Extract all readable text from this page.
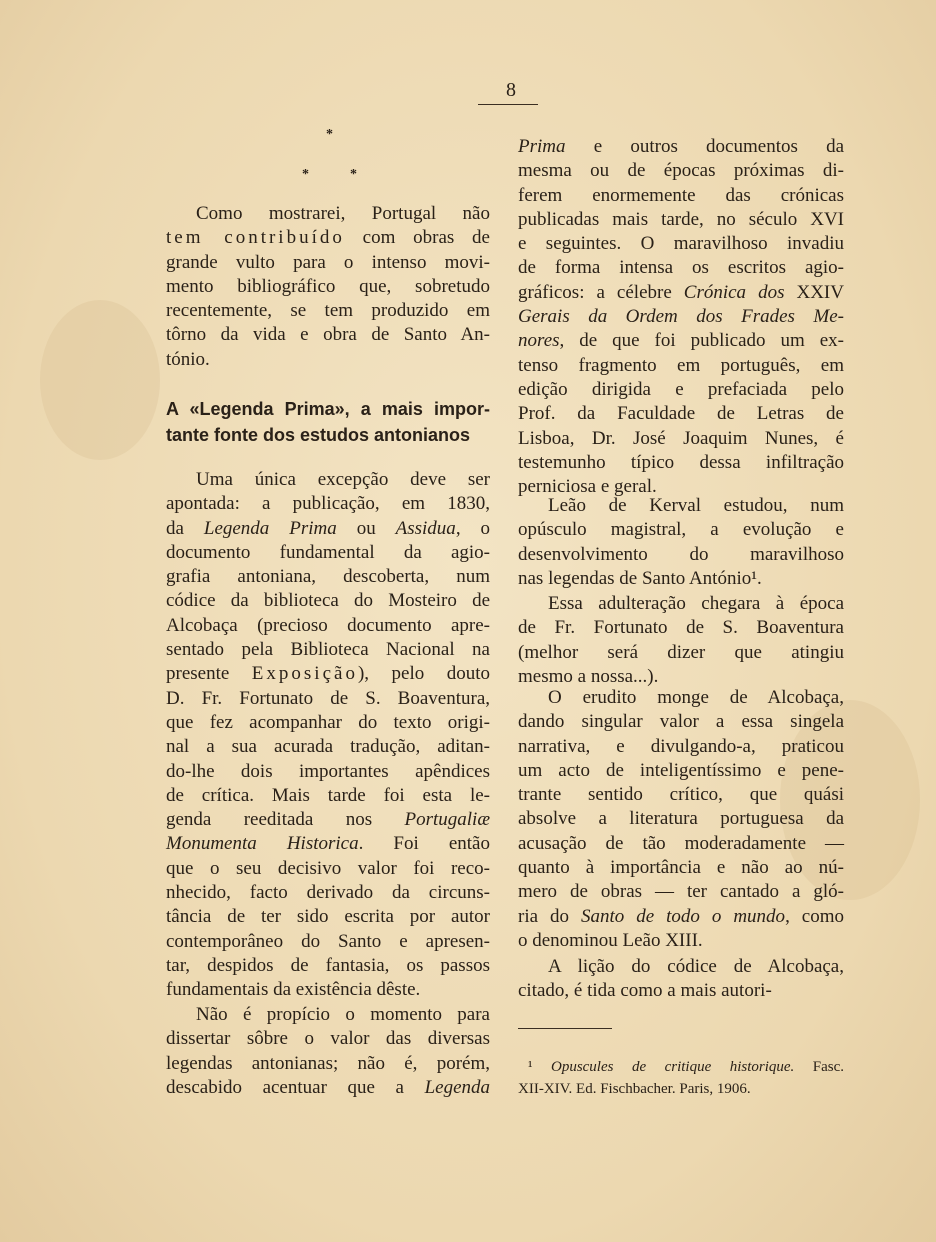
8
*
*	*
Como mostrarei, Portugal não
tem contribuído com obras de
grande vulto para o intenso movi-
mento bibliográfico que, sobretudo
recentemente, se tem produzido em
tôrno da vida e obra de Santo An-
tónio.
A «Legenda Prima», a mais impor-
tante fonte dos estudos antonianos
Uma única excepção deve ser
apontada: a publicação, em 1830,
da Legenda Prima ou Assidua, o
documento fundamental da agio-
grafia antoniana, descoberta, num
códice da biblioteca do Mosteiro de
Alcobaça (precioso documento apre-
sentado pela Biblioteca Nacional na
presente Exposição), pelo douto
D. Fr. Fortunato de S. Boaventura,
que fez acompanhar do texto origi-
nal a sua acurada tradução, aditan-
do-lhe dois importantes apêndices
de crítica. Mais tarde foi esta le-
genda reeditada nos Portugaliæ
Monumenta Historica. Foi então
que o seu decisivo valor foi reco-
nhecido, facto derivado da circuns-
tância de ter sido escrita por autor
contemporâneo do Santo e apresen-
tar, despidos de fantasia, os passos
fundamentais da existência dêste.
Não é propício o momento para
dissertar sôbre o valor das diversas
legendas antonianas; não é, porém,
descabido acentuar que a Legenda
Prima e outros documentos da
mesma ou de épocas próximas di-
ferem enormemente das crónicas
publicadas mais tarde, no século XVI
e seguintes. O maravilhoso invadiu
de forma intensa os escritos agio-
gráficos: a célebre Crónica dos XXIV
Gerais da Ordem dos Frades Me-
nores, de que foi publicado um ex-
tenso fragmento em português, em
edição dirigida e prefaciada pelo
Prof. da Faculdade de Letras de
Lisboa, Dr. José Joaquim Nunes, é
testemunho típico dessa infiltração
perniciosa e geral.
Leão de Kerval estudou, num
opúsculo magistral, a evolução e
desenvolvimento do maravilhoso
nas legendas de Santo António¹.
Essa adulteração chegara à época
de Fr. Fortunato de S. Boaventura
(melhor será dizer que atingiu
mesmo a nossa...).
O erudito monge de Alcobaça,
dando singular valor a essa singela
narrativa, e divulgando-a, praticou
um acto de inteligentíssimo e pene-
trante sentido crítico, que quási
absolve a literatura portuguesa da
acusação de tão moderadamente —
quanto à importância e não ao nú-
mero de obras — ter cantado a gló-
ria do Santo de todo o mundo, como
o denominou Leão XIII.
A lição do códice de Alcobaça,
citado, é tida como a mais autori-
¹ Opuscules de critique historique. Fasc.
XII-XIV. Ed. Fischbacher. Paris, 1906.
